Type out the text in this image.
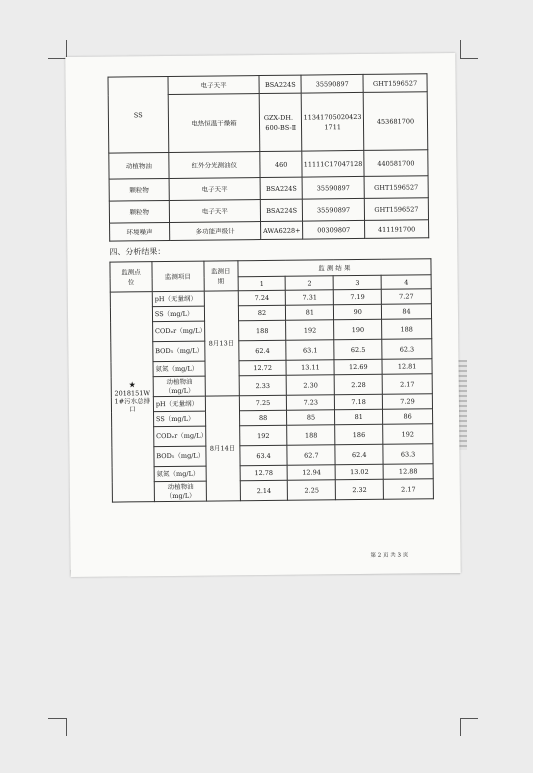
SS	电子天平	BSA224S	35590897	GHT1596527
	电热恒温干燥箱	GZX-DH．600-BS-Ⅱ	113417050204231711	453681700
动植物油	红外分光测油仪	460	11111C17047128	440581700
颗粒物	电子天平	BSA224S	35590897	GHT1596527
颗粒物	电子天平	BSA224S	35590897	GHT1596527
环境噪声	多功能声级计	AWA6228+	00309807	411191700
四、分析结果：
监测点位	监测项目	监测日期	监 测 结 果			
			1	2	3	4

★
2018151W1#污水总排口	pH（无量纲）	8月13日	7.24	7.31	7.19	7.27
	SS（mg/L）		82	81	90	84
	CODₑr（mg/L）		188	192	190	188
	BOD₅（mg/L）		62.4	63.1	62.5	62.3
	氨氮（mg/L）		12.72	13.11	12.69	12.81
	动植物油（mg/L）		2.33	2.30	2.28	2.17
	pH（无量纲）	8月14日	7.25	7.23	7.18	7.29
	SS（mg/L）		88	85	81	86
	CODₑr（mg/L）		192	188	186	192
	BOD₅（mg/L）		63.4	62.7	62.4	63.3
	氨氮（mg/L）		12.78	12.94	13.02	12.88
	动植物油（mg/L）		2.14	2.25	2.32	2.17
第 2 页 共 3 页
